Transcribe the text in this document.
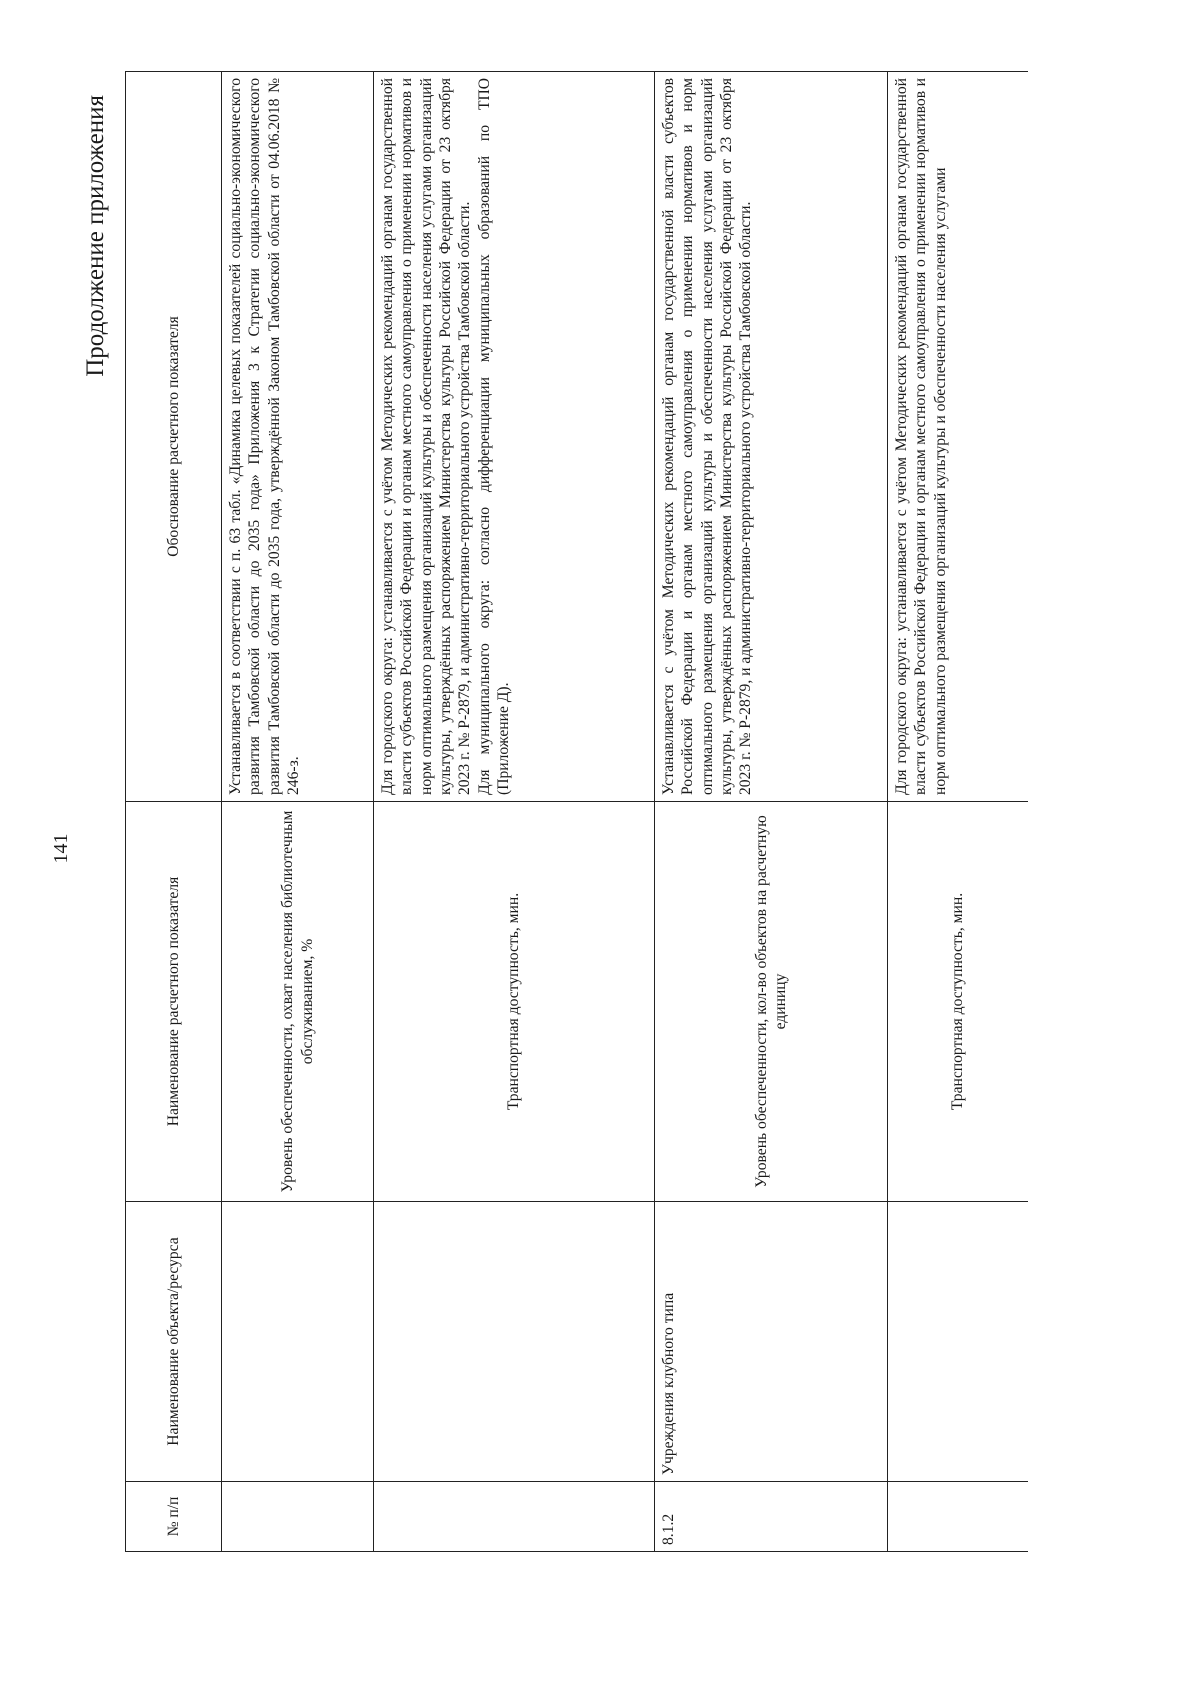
141
Продолжение приложения
№ п/п	Наименование объекта/ресурса	Наименование расчетного показателя	Обоснование расчетного показателя
		Уровень обеспеченности, охват населения библиотечным обслуживанием, %	Устанавливается в соответствии с п. 63 табл. «Динамика целевых показателей социально-экономического развития Тамбовской области до 2035 года» Приложения 3 к Стратегии социально-экономического развития Тамбовской области до 2035 года, утверждённой Законом Тамбовской области от 04.06.2018 № 246-з.
		Транспортная доступность, мин.	Для городского округа: устанавливается с учётом Методических рекомендаций органам государственной власти субъектов Российской Федерации и органам местного самоуправления о применении нормативов и норм оптимального размещения организаций культуры и обеспеченности населения услугами организаций культуры, утверждённых распоряжением Министерства культуры Российской Федерации от 23 октября 2023 г. № Р-2879, и административно-территориального устройства Тамбовской области.
Для муниципального округа: согласно дифференциации муниципальных образований по ТПО (Приложение Д).
8.1.2	Учреждения клубного типа	Уровень обеспеченности, кол-во объектов на расчетную единицу	Устанавливается с учётом Методических рекомендаций органам государственной власти субъектов Российской Федерации и органам местного самоуправления о применении нормативов и норм оптимального размещения организаций культуры и обеспеченности населения услугами организаций культуры, утверждённых распоряжением Министерства культуры Российской Федерации от 23 октября 2023 г. № Р-2879, и административно-территориального устройства Тамбовской области.
		Транспортная доступность, мин.	Для городского округа: устанавливается с учётом Методических рекомендаций органам государственной власти субъектов Российской Федерации и органам местного самоуправления о применении нормативов и норм оптимального размещения организаций культуры и обеспеченности населения услугами
